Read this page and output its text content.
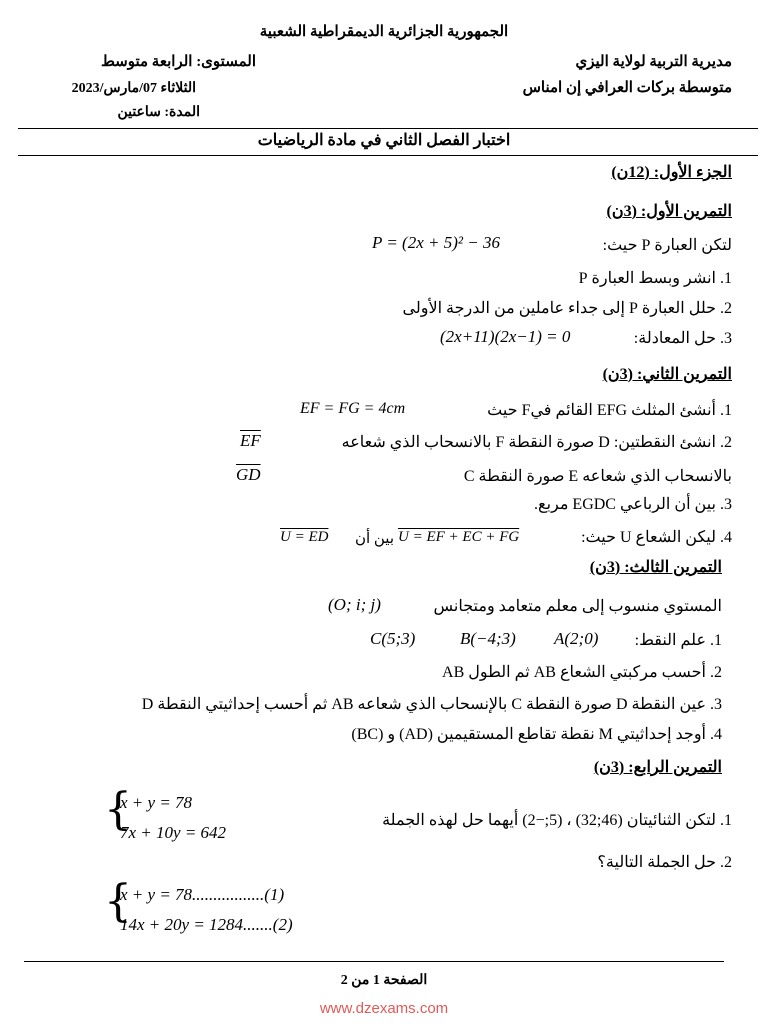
الجمهورية الجزائرية الديمقراطية الشعبية
مديرية التربية لولاية اليزي
متوسطة بركات العرافي إن امناس
المستوى: الرابعة متوسط
الثلاثاء 07/مارس/2023
المدة: ساعتين
اختبار الفصل الثاني في مادة الرياضيات
الجزء الأول: (12ن)
التمرين الأول: (3ن)
لتكن العبارة P حيث:
P = (2x + 5)² − 36
1. انشر وبسط العبارة P
2. حلل العبارة P إلى جداء عاملين من الدرجة الأولى
3. حل المعادلة:
(2x+11)(2x−1) = 0
التمرين الثاني: (3ن)
1. أنشئ المثلث EFG القائم فيF حيث
EF = FG = 4cm
2. انشئ النقطتين: D صورة النقطة F بالانسحاب الذي شعاعه
$\overline{EF}$
C صورة النقطة E بالانسحاب الذي شعاعه
$\overline{GD}$
3. بين أن الرباعي EGDC مربع.
4. ليكن الشعاع U حيث:
U = EF + EC + FG
بين أن
U = ED
التمرين الثالث: (3ن)
المستوي منسوب إلى معلم متعامد ومتجانس
(O; i; j)
1. علم النقط:
A(2;0)
B(−4;3)
C(5;3)
2. أحسب مركبتي الشعاع AB ثم الطول AB
3. عين النقطة D صورة النقطة C بالإنسحاب الذي شعاعه AB ثم أحسب إحداثيتي النقطة D
4. أوجد إحداثيتي M نقطة تقاطع المستقيمين (AD) و (BC)
التمرين الرابع: (3ن)
1. لتكن الثنائيتان (46;32) ، (5;−2) أيهما حل لهذه الجملة
{
x + y = 78
7x + 10y = 642
2. حل الجملة التالية؟
{
x + y = 78.................(1)
14x + 20y = 1284.......(2)
الصفحة 1 من 2
www.dzexams.com
